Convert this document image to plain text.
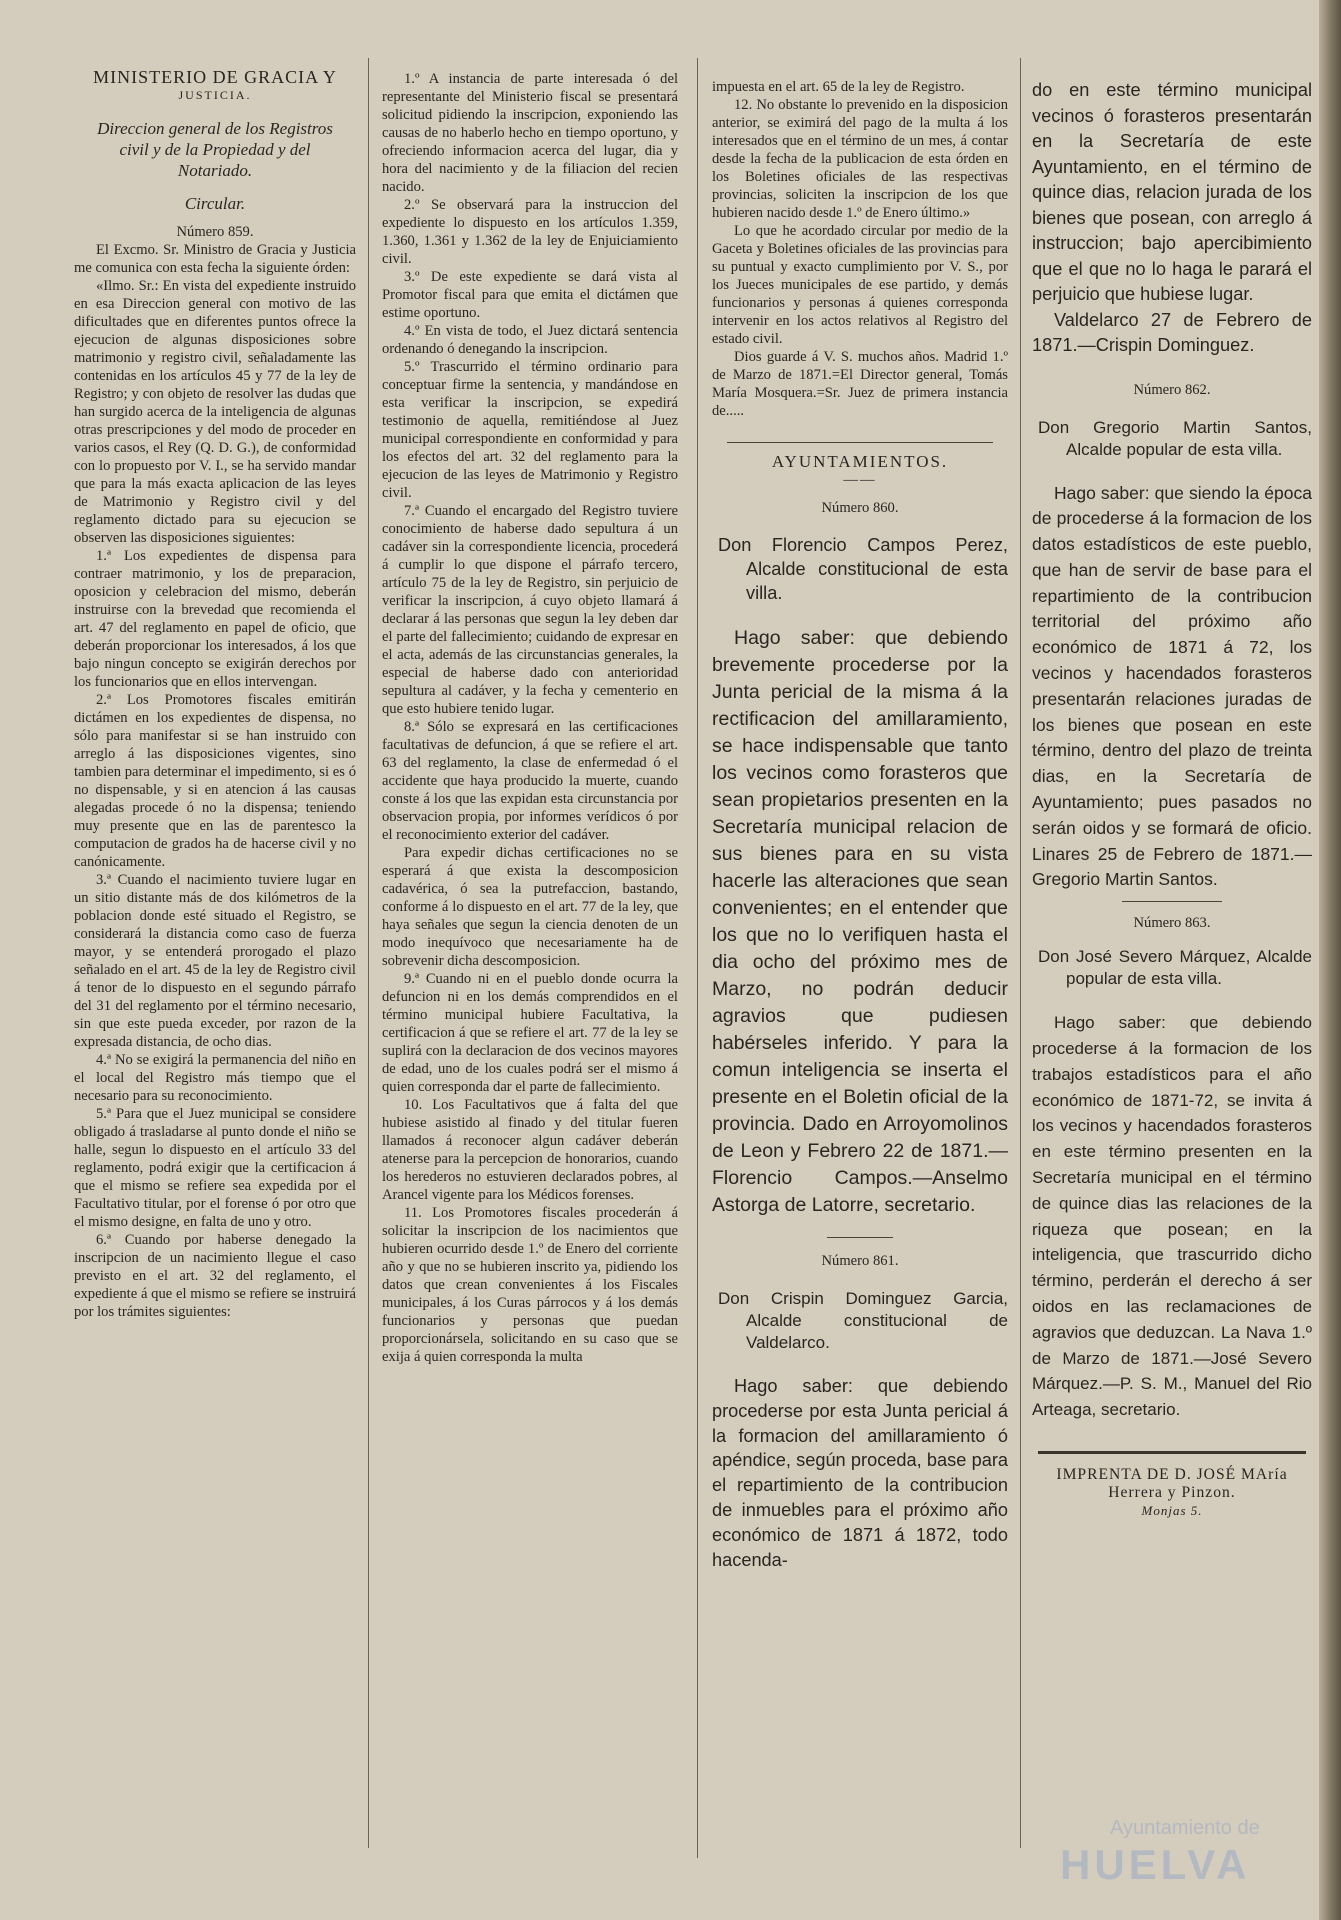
MINISTERIO DE GRACIA Y
JUSTICIA.
Direccion general de los Registros civil y de la Propiedad y del Notariado.
Circular.
Número 859.

El Excmo. Sr. Ministro de Gracia y Justicia me comunica con esta fecha la siguiente órden:

«Ilmo. Sr.: En vista del expediente instruido en esa Direccion general con motivo de las dificultades que en diferentes puntos ofrece la ejecucion de algunas disposiciones sobre matrimonio y registro civil, señaladamente las contenidas en los artículos 45 y 77 de la ley de Registro; y con objeto de resolver las dudas que han surgido acerca de la inteligencia de algunas otras prescripciones y del modo de proceder en varios casos, el Rey (Q. D. G.), de conformidad con lo propuesto por V. I., se ha servido mandar que para la más exacta aplicacion de las leyes de Matrimonio y Registro civil y del reglamento dictado para su ejecucion se observen las disposiciones siguientes:

1.ª Los expedientes de dispensa para contraer matrimonio, y los de preparacion, oposicion y celebracion del mismo, deberán instruirse con la brevedad que recomienda el art. 47 del reglamento en papel de oficio, que deberán proporcionar los interesados, á los que bajo ningun concepto se exigirán derechos por los funcionarios que en ellos intervengan.

2.ª Los Promotores fiscales emitirán dictámen en los expedientes de dispensa, no sólo para manifestar si se han instruido con arreglo á las disposiciones vigentes, sino tambien para determinar el impedimento, si es ó no dispensable, y si en atencion á las causas alegadas procede ó no la dispensa; teniendo muy presente que en las de parentesco la computacion de grados ha de hacerse civil y no canónicamente.

3.ª Cuando el nacimiento tuviere lugar en un sitio distante más de dos kilómetros de la poblacion donde esté situado el Registro, se considerará la distancia como caso de fuerza mayor, y se entenderá prorogado el plazo señalado en el art. 45 de la ley de Registro civil á tenor de lo dispuesto en el segundo párrafo del 31 del reglamento por el término necesario, sin que este pueda exceder, por razon de la expresada distancia, de ocho dias.

4.ª No se exigirá la permanencia del niño en el local del Registro más tiempo que el necesario para su reconocimiento.

5.ª Para que el Juez municipal se considere obligado á trasladarse al punto donde el niño se halle, segun lo dispuesto en el artículo 33 del reglamento, podrá exigir que la certificacion á que el mismo se refiere sea expedida por el Facultativo titular, por el forense ó por otro que el mismo designe, en falta de uno y otro.

6.ª Cuando por haberse denegado la inscripcion de un nacimiento llegue el caso previsto en el art. 32 del reglamento, el expediente á que el mismo se refiere se instruirá por los trámites siguientes:

1.º A instancia de parte interesada ó del representante del Ministerio fiscal se presentará solicitud pidiendo la inscripcion, exponiendo las causas de no haberlo hecho en tiempo oportuno, y ofreciendo informacion acerca del lugar, dia y hora del nacimiento y de la filiacion del recien nacido.

2.º Se observará para la instruccion del expediente lo dispuesto en los artículos 1.359, 1.360, 1.361 y 1.362 de la ley de Enjuiciamiento civil.

3.º De este expediente se dará vista al Promotor fiscal para que emita el dictámen que estime oportuno.

4.º En vista de todo, el Juez dictará sentencia ordenando ó denegando la inscripcion.

5.º Trascurrido el término ordinario para conceptuar firme la sentencia, y mandándose en esta verificar la inscripcion, se expedirá testimonio de aquella, remitiéndose al Juez municipal correspondiente en conformidad y para los efectos del art. 32 del reglamento para la ejecucion de las leyes de Matrimonio y Registro civil.

7.ª Cuando el encargado del Registro tuviere conocimiento de haberse dado sepultura á un cadáver sin la correspondiente licencia, procederá á cumplir lo que dispone el párrafo tercero, artículo 75 de la ley de Registro, sin perjuicio de verificar la inscripcion, á cuyo objeto llamará á declarar á las personas que segun la ley deben dar el parte del fallecimiento; cuidando de expresar en el acta, además de las circunstancias generales, la especial de haberse dado con anterioridad sepultura al cadáver, y la fecha y cementerio en que esto hubiere tenido lugar.

8.ª Sólo se expresará en las certificaciones facultativas de defuncion, á que se refiere el art. 63 del reglamento, la clase de enfermedad ó el accidente que haya producido la muerte, cuando conste á los que las expidan esta circunstancia por observacion propia, por informes verídicos ó por el reconocimiento exterior del cadáver.

Para expedir dichas certificaciones no se esperará á que exista la descomposicion cadavérica, ó sea la putrefaccion, bastando, conforme á lo dispuesto en el art. 77 de la ley, que haya señales que segun la ciencia denoten de un modo inequívoco que necesariamente ha de sobrevenir dicha descomposicion.

9.ª Cuando ni en el pueblo donde ocurra la defuncion ni en los demás comprendidos en el término municipal hubiere Facultativa, la certificacion á que se refiere el art. 77 de la ley se suplirá con la declaracion de dos vecinos mayores de edad, uno de los cuales podrá ser el mismo á quien corresponda dar el parte de fallecimiento.

10. Los Facultativos que á falta del que hubiese asistido al finado y del titular fueren llamados á reconocer algun cadáver deberán atenerse para la percepcion de honorarios, cuando los herederos no estuvieren declarados pobres, al Arancel vigente para los Médicos forenses.

11. Los Promotores fiscales procederán á solicitar la inscripcion de los nacimientos que hubieren ocurrido desde 1.º de Enero del corriente año y que no se hubieren inscrito ya, pidiendo los datos que crean convenientes á los Fiscales municipales, á los Curas párrocos y á los demás funcionarios y personas que puedan proporcionársela, solicitando en su caso que se exija á quien corresponda la multa

impuesta en el art. 65 de la ley de Registro.

12. No obstante lo prevenido en la disposicion anterior, se eximirá del pago de la multa á los interesados que en el término de un mes, á contar desde la fecha de la publicacion de esta órden en los Boletines oficiales de las respectivas provincias, soliciten la inscripcion de los que hubieren nacido desde 1.º de Enero último.»

Lo que he acordado circular por medio de la Gaceta y Boletines oficiales de las provincias para su puntual y exacto cumplimiento por V. S., por los Jueces municipales de ese partido, y demás funcionarios y personas á quienes corresponda intervenir en los actos relativos al Registro del estado civil.

Dios guarde á V. S. muchos años. Madrid 1.º de Marzo de 1871.=El Director general, Tomás María Mosquera.=Sr. Juez de primera instancia de.....

AYUNTAMIENTOS.
——
Número 860.

Don Florencio Campos Perez, Alcalde constitucional de esta villa.

Hago saber: que debiendo brevemente procederse por la Junta pericial de la misma á la rectificacion del amillaramiento, se hace indispensable que tanto los vecinos como forasteros que sean propietarios presenten en la Secretaría municipal relacion de sus bienes para en su vista hacerle las alteraciones que sean convenientes; en el entender que los que no lo verifiquen hasta el dia ocho del próximo mes de Marzo, no podrán deducir agravios que pudiesen habérseles inferido. Y para la comun inteligencia se inserta el presente en el Boletin oficial de la provincia. Dado en Arroyomolinos de Leon y Febrero 22 de 1871.—Florencio Campos.—Anselmo Astorga de Latorre, secretario.

Número 861.

Don Crispin Dominguez Garcia, Alcalde constitucional de Valdelarco.

Hago saber: que debiendo procederse por esta Junta pericial á la formacion del amillaramiento ó apéndice, según proceda, base para el repartimiento de la contribucion de inmuebles para el próximo año económico de 1871 á 1872, todo hacenda-

do en este término municipal vecinos ó forasteros presentarán en la Secretaría de este Ayuntamiento, en el término de quince dias, relacion jurada de los bienes que posean, con arreglo á instruccion; bajo apercibimiento que el que no lo haga le parará el perjuicio que hubiese lugar.

Valdelarco 27 de Febrero de 1871.—Crispin Dominguez.

Número 862.

Don Gregorio Martin Santos, Alcalde popular de esta villa.

Hago saber: que siendo la época de procederse á la formacion de los datos estadísticos de este pueblo, que han de servir de base para el repartimiento de la contribucion territorial del próximo año económico de 1871 á 72, los vecinos y hacendados forasteros presentarán relaciones juradas de los bienes que posean en este término, dentro del plazo de treinta dias, en la Secretaría de Ayuntamiento; pues pasados no serán oidos y se formará de oficio. Linares 25 de Febrero de 1871.—Gregorio Martin Santos.

Número 863.

Don José Severo Márquez, Alcalde popular de esta villa.

Hago saber: que debiendo procederse á la formacion de los trabajos estadísticos para el año económico de 1871-72, se invita á los vecinos y hacendados forasteros en este término presenten en la Secretaría municipal en el término de quince dias las relaciones de la riqueza que posean; en la inteligencia, que trascurrido dicho término, perderán el derecho á ser oidos en las reclamaciones de agravios que deduzcan. La Nava 1.º de Marzo de 1871.—José Severo Márquez.—P. S. M., Manuel del Rio Arteaga, secretario.

IMPRENTA DE D. JOSÉ MAría Herrera y Pinzon.

Monjas 5.

Ayuntamiento de
HUELVA
